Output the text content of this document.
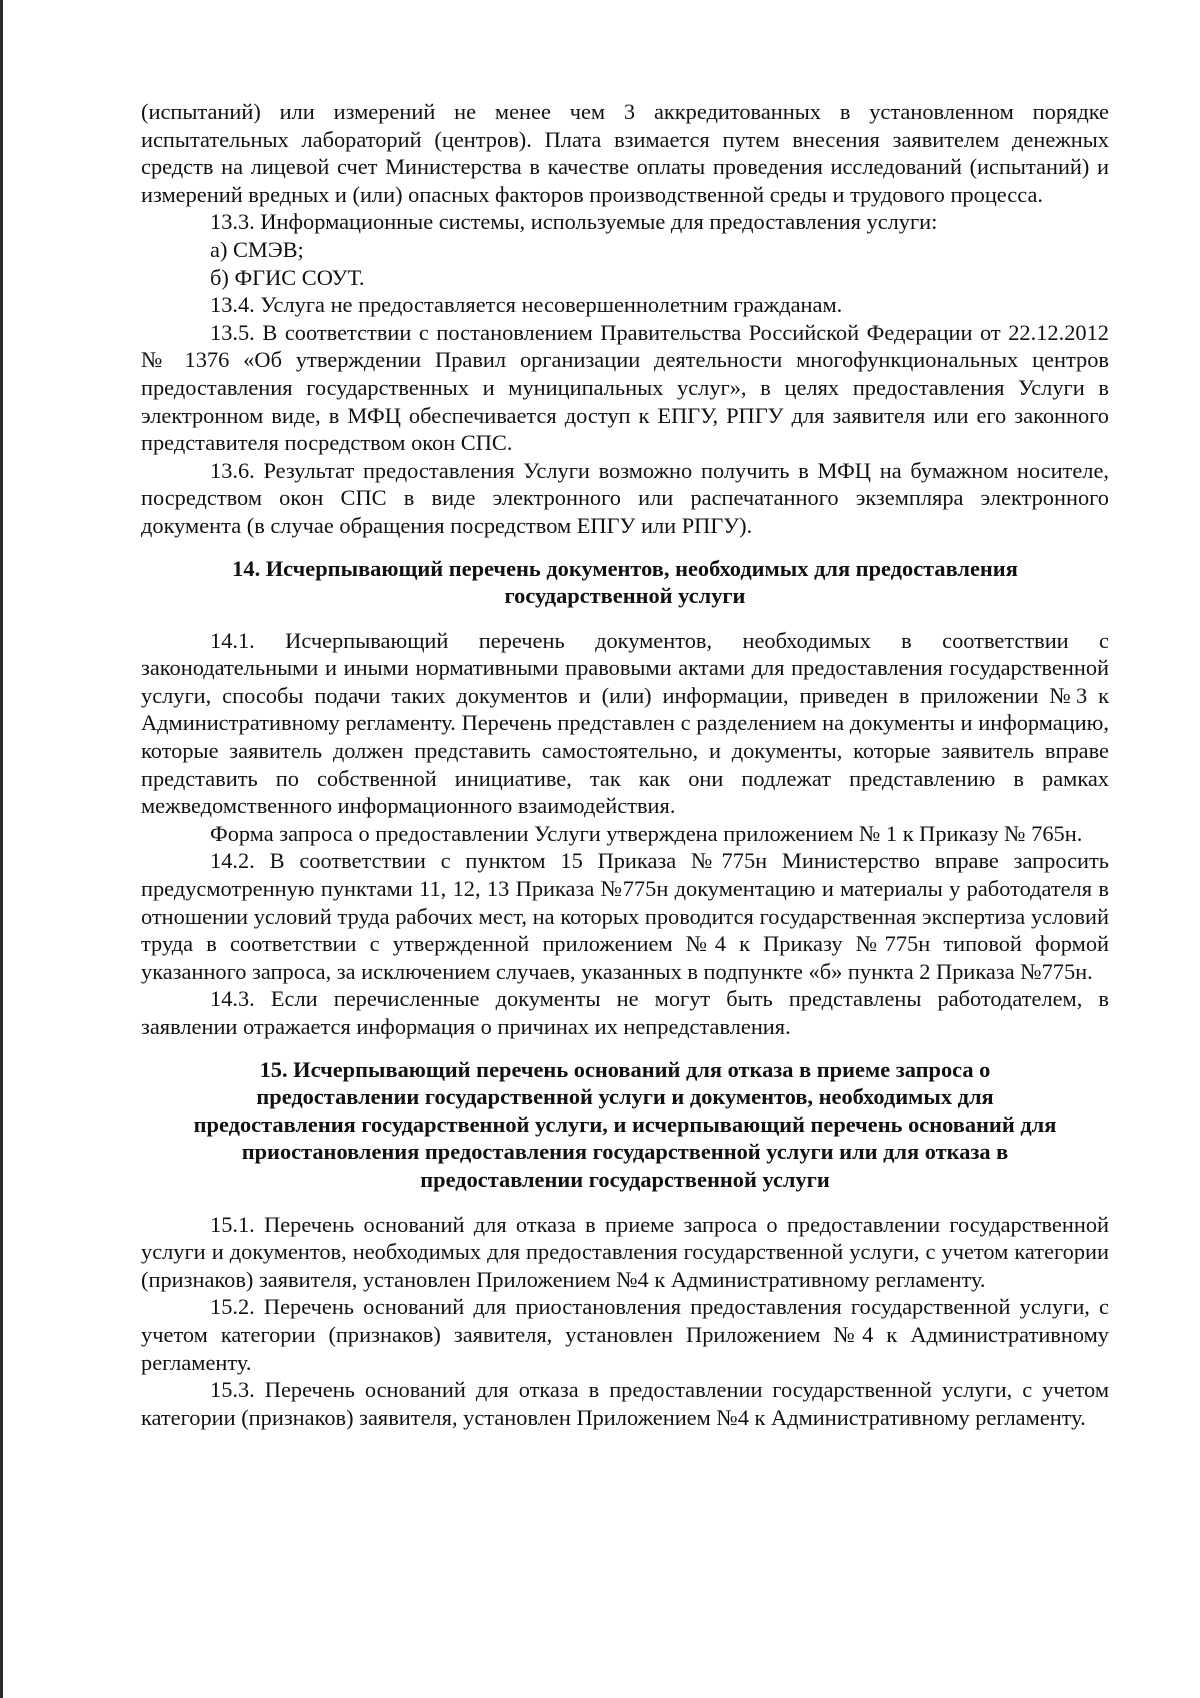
(испытаний) или измерений не менее чем 3 аккредитованных в установленном порядке испытательных лабораторий (центров). Плата взимается путем внесения заявителем денежных средств на лицевой счет Министерства в качестве оплаты проведения исследований (испытаний) и измерений вредных и (или) опасных факторов производственной среды и трудового процесса.

13.3. Информационные системы, используемые для предоставления услуги:

а) СМЭВ;

б) ФГИС СОУТ.

13.4. Услуга не предоставляется несовершеннолетним гражданам.

13.5. В соответствии с постановлением Правительства Российской Федерации от 22.12.2012 № 1376 «Об утверждении Правил организации деятельности многофункциональных центров предоставления государственных и муниципальных услуг», в целях предоставления Услуги в электронном виде, в МФЦ обеспечивается доступ к ЕПГУ, РПГУ для заявителя или его законного представителя посредством окон СПС.

13.6. Результат предоставления Услуги возможно получить в МФЦ на бумажном носителе, посредством окон СПС в виде электронного или распечатанного экземпляра электронного документа (в случае обращения посредством ЕПГУ или РПГУ).

14. Исчерпывающий перечень документов, необходимых для предоставления
государственной услуги

14.1. Исчерпывающий перечень документов, необходимых в соответствии с законодательными и иными нормативными правовыми актами для предоставления государственной услуги, способы подачи таких документов и (или) информации, приведен в приложении №3 к Административному регламенту. Перечень представлен с разделением на документы и информацию, которые заявитель должен представить самостоятельно, и документы, которые заявитель вправе представить по собственной инициативе, так как они подлежат представлению в рамках межведомственного информационного взаимодействия.

Форма запроса о предоставлении Услуги утверждена приложением № 1 к Приказу № 765н.

14.2. В соответствии с пунктом 15 Приказа №775н Министерство вправе запросить предусмотренную пунктами 11, 12, 13 Приказа №775н документацию и материалы у работодателя в отношении условий труда рабочих мест, на которых проводится государственная экспертиза условий труда в соответствии с утвержденной приложением №4 к Приказу №775н типовой формой указанного запроса, за исключением случаев, указанных в подпункте «б» пункта 2 Приказа №775н.

14.3. Если перечисленные документы не могут быть представлены работодателем, в заявлении отражается информация о причинах их непредставления.

15. Исчерпывающий перечень оснований для отказа в приеме запроса о
предоставлении государственной услуги и документов, необходимых для
предоставления государственной услуги, и исчерпывающий перечень оснований для
приостановления предоставления государственной услуги или для отказа в
предоставлении государственной услуги

15.1. Перечень оснований для отказа в приеме запроса о предоставлении государственной услуги и документов, необходимых для предоставления государственной услуги, с учетом категории (признаков) заявителя, установлен Приложением №4 к Административному регламенту.

15.2. Перечень оснований для приостановления предоставления государственной услуги, с учетом категории (признаков) заявителя, установлен Приложением №4 к Административному регламенту.

15.3. Перечень оснований для отказа в предоставлении государственной услуги, с учетом категории (признаков) заявителя, установлен Приложением №4 к Административному регламенту.
